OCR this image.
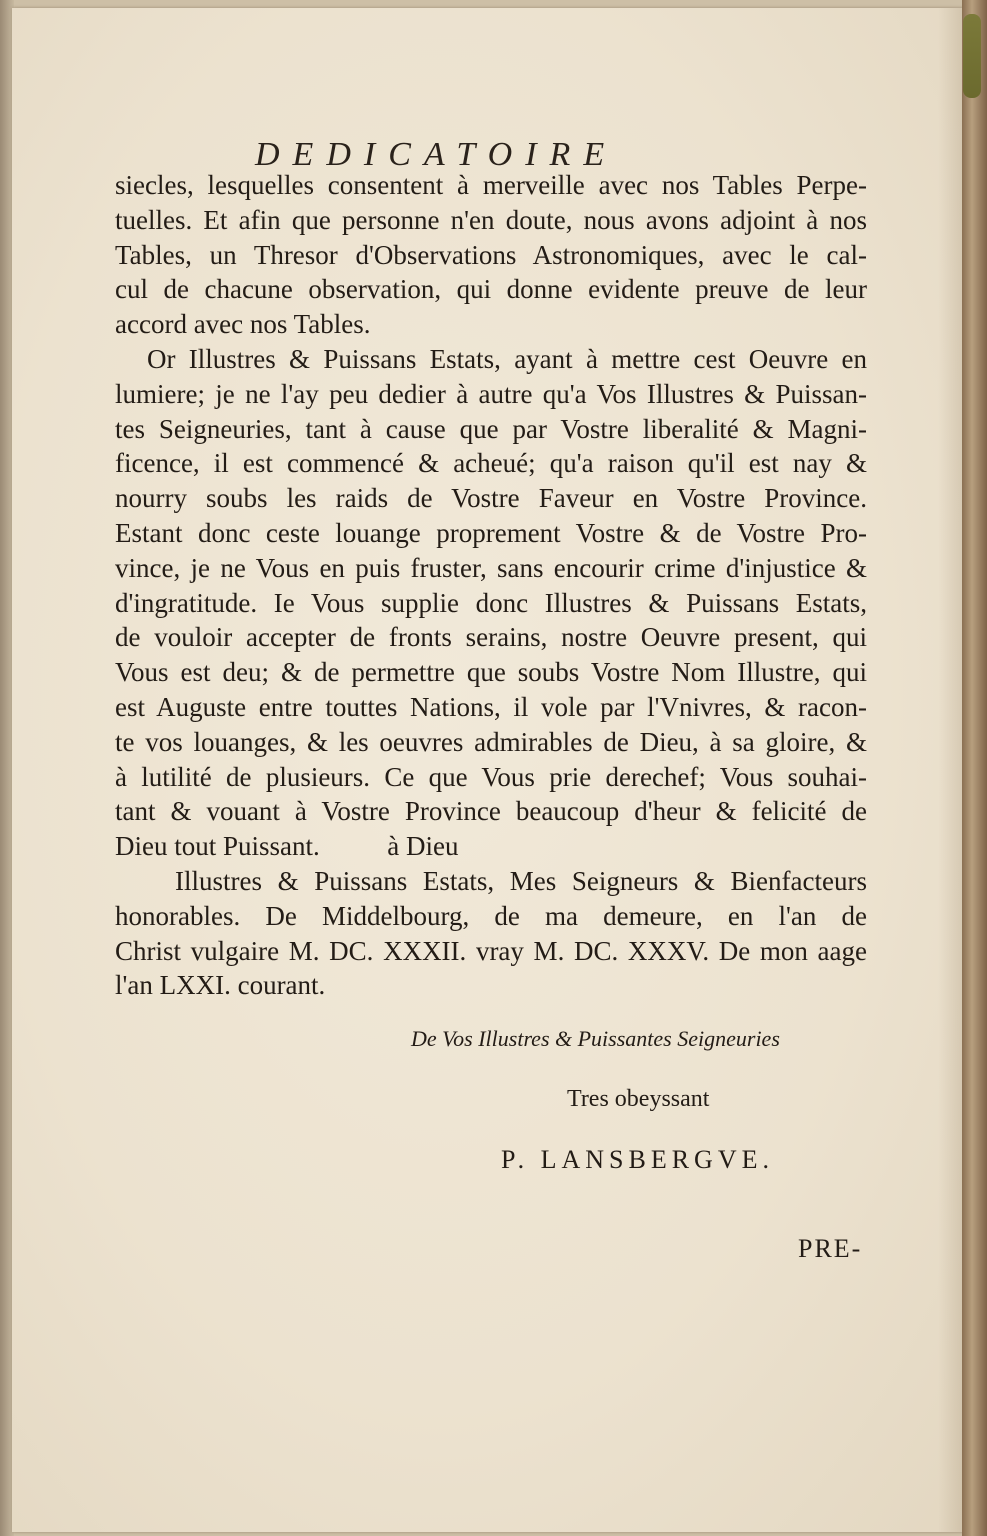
DEDICATOIRE
siecles, lesquelles consentent à merveille avec nos Tables Perpe-
tuelles. Et afin que personne n'en doute, nous avons adjoint à nos
Tables, un Thresor d'Observations Astronomiques, avec le cal-
cul de chacune observation, qui donne evidente preuve de leur
accord avec nos Tables.
Or Illustres & Puissans Estats, ayant à mettre cest Oeuvre en
lumiere; je ne l'ay peu dedier à autre qu'a Vos Illustres & Puissan-
tes Seigneuries, tant à cause que par Vostre liberalité & Magni-
ficence, il est commencé & acheué; qu'a raison qu'il est nay &
nourry soubs les raids de Vostre Faveur en Vostre Province.
Estant donc ceste louange proprement Vostre & de Vostre Pro-
vince, je ne Vous en puis fruster, sans encourir crime d'injustice &
d'ingratitude. Ie Vous supplie donc Illustres & Puissans Estats,
de vouloir accepter de fronts serains, nostre Oeuvre present, qui
Vous est deu; & de permettre que soubs Vostre Nom Illustre, qui
est Auguste entre touttes Nations, il vole par l'Vnivres, & racon-
te vos louanges, & les oeuvres admirables de Dieu, à sa gloire, &
à lutilité de plusieurs. Ce que Vous prie derechef; Vous souhai-
tant & vouant à Vostre Province beaucoup d'heur & felicité de
Dieu tout Puissant.          à Dieu
Illustres & Puissans Estats, Mes Seigneurs & Bienfacteurs
honorables. De Middelbourg, de ma demeure, en l'an de
Christ vulgaire M. DC. XXXII. vray M. DC. XXXV. De mon aage
l'an LXXI. courant.
De Vos Illustres & Puissantes Seigneuries
Tres obeyssant
P. LANSBERGVE.
PRE-
